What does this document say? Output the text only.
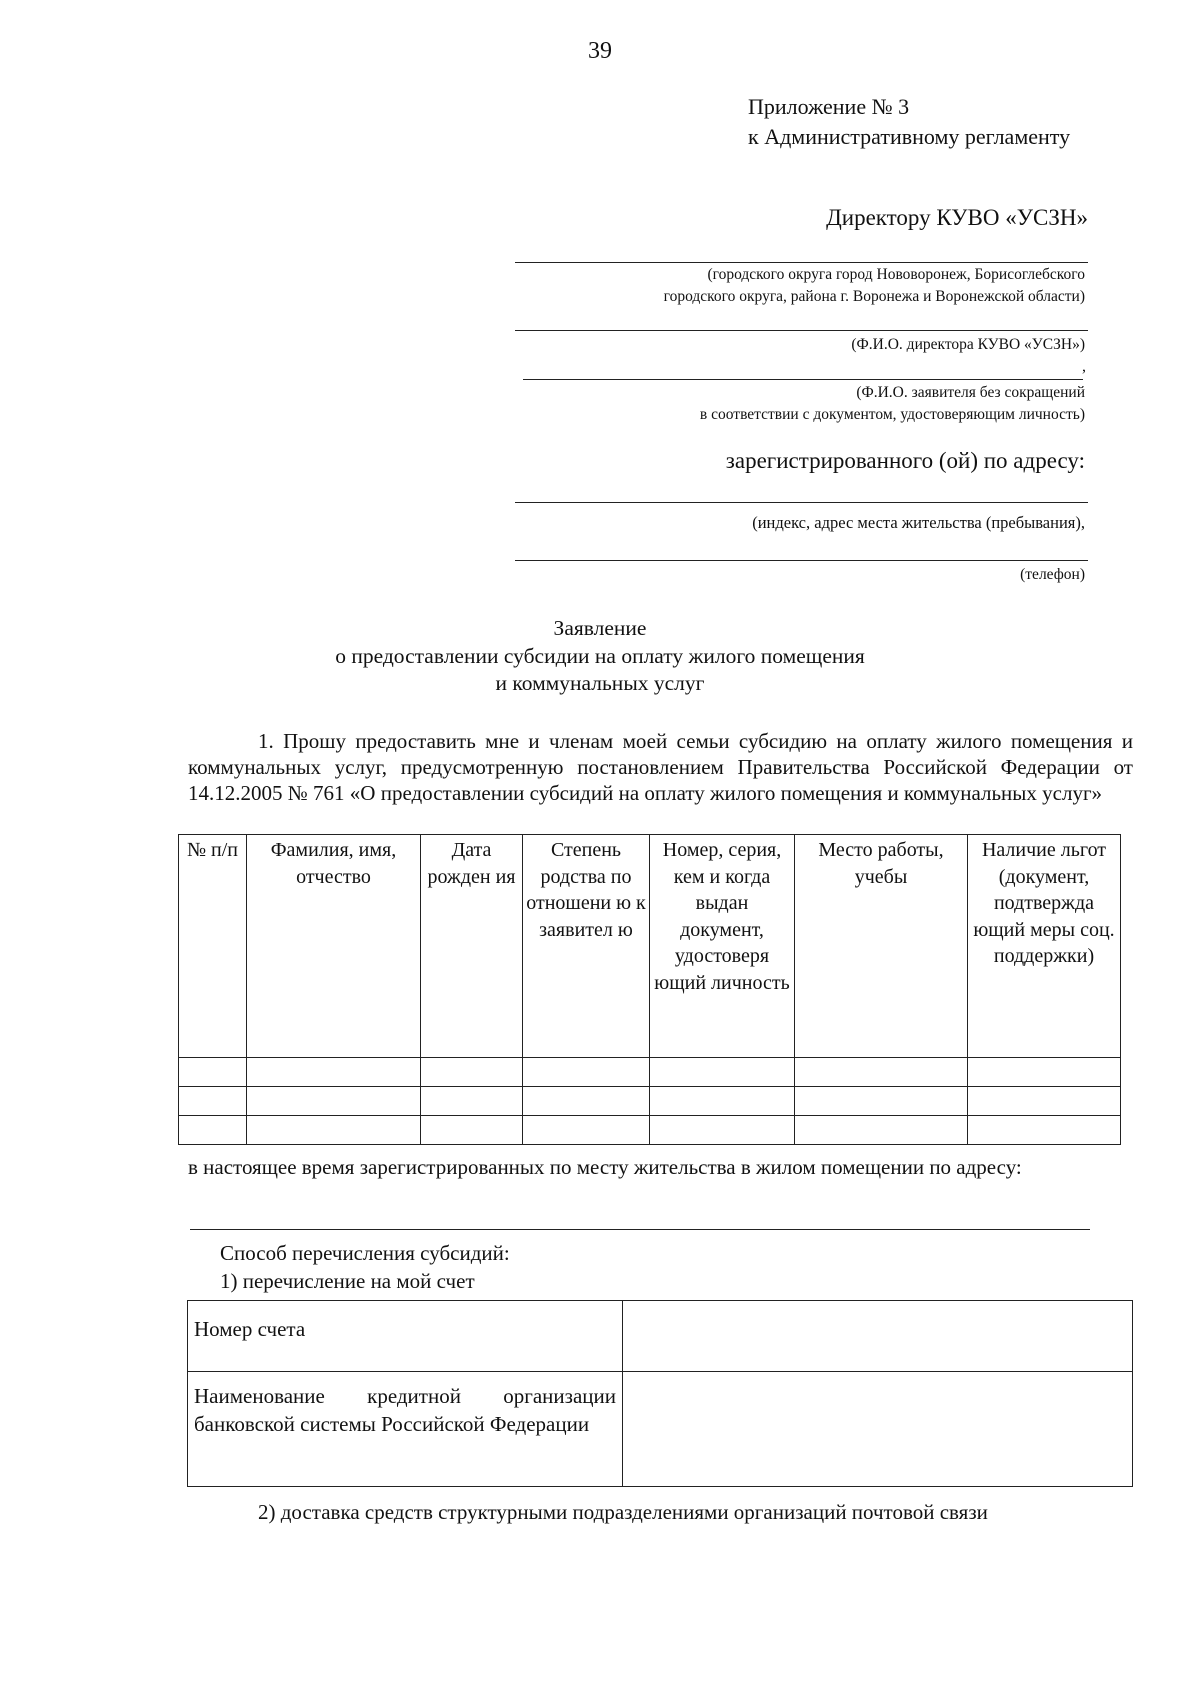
39
Приложение № 3
к Административному регламенту
Директору КУВО «УСЗН»
(городского округа город Нововоронеж, Борисоглебского
городского округа, района г. Воронежа и Воронежской области)
(Ф.И.О. директора КУВО «УСЗН»)
,
(Ф.И.О. заявителя без сокращений
в соответствии с документом, удостоверяющим личность)
зарегистрированного (ой) по адресу:
(индекс, адрес места жительства (пребывания),
(телефон)
Заявление
о предоставлении субсидии на оплату жилого помещения
и коммунальных услуг

1. Прошу предоставить мне и членам моей семьи субсидию на оплату жилого помещения и коммунальных услуг, предусмотренную постановлением Правительства Российской Федерации от 14.12.2005 № 761 «О предоставлении субсидий на оплату жилого помещения и коммунальных услуг»

№ п/п	Фамилия, имя, отчество	Дата рожден ия	Степень родства по отношени ю к заявител ю	Номер, серия, кем и когда выдан документ, удостоверя ющий личность	Место работы, учебы	Наличие льгот (документ, подтвержда ющий меры соц. поддержки)

в настоящее время зарегистрированных по месту жительства в жилом помещении по адресу:

Способ перечисления субсидий:
1) перечисление на мой счет
Номер счета	
Наименование кредитной организации банковской системы Российской Федерации	

2) доставка средств структурными подразделениями организаций почтовой связи
